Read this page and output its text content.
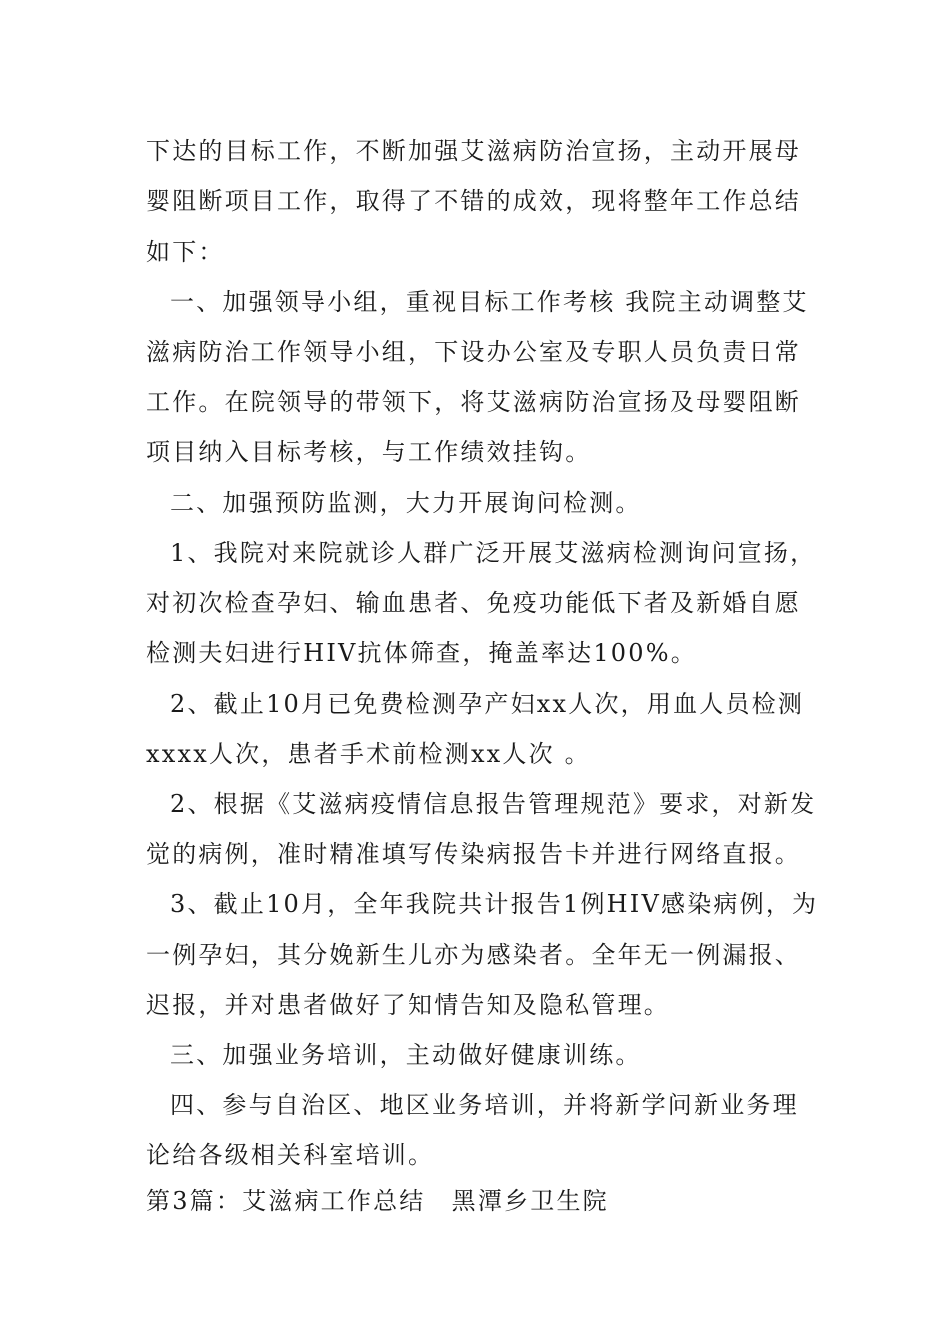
下达的目标工作，不断加强艾滋病防治宣扬，主动开展母
婴阻断项目工作，取得了不错的成效，现将整年工作总结
如下：
一、加强领导小组，重视目标工作考核 我院主动调整艾
滋病防治工作领导小组，下设办公室及专职人员负责日常
工作。在院领导的带领下，将艾滋病防治宣扬及母婴阻断
项目纳入目标考核，与工作绩效挂钩。
二、加强预防监测，大力开展询问检测。
1、我院对来院就诊人群广泛开展艾滋病检测询问宣扬，
对初次检查孕妇、输血患者、免疫功能低下者及新婚自愿
检测夫妇进行HIV抗体筛查，掩盖率达100%。
2、截止10月已免费检测孕产妇xx人次，用血人员检测
xxxx人次，患者手术前检测xx人次 。
2、根据《艾滋病疫情信息报告管理规范》要求，对新发
觉的病例，准时精准填写传染病报告卡并进行网络直报。
3、截止10月，全年我院共计报告1例HIV感染病例，为
一例孕妇，其分娩新生儿亦为感染者。全年无一例漏报、
迟报，并对患者做好了知情告知及隐私管理。
三、加强业务培训，主动做好健康训练。
四、参与自治区、地区业务培训，并将新学问新业务理
论给各级相关科室培训。
第3篇：艾滋病工作总结　黑潭乡卫生院
